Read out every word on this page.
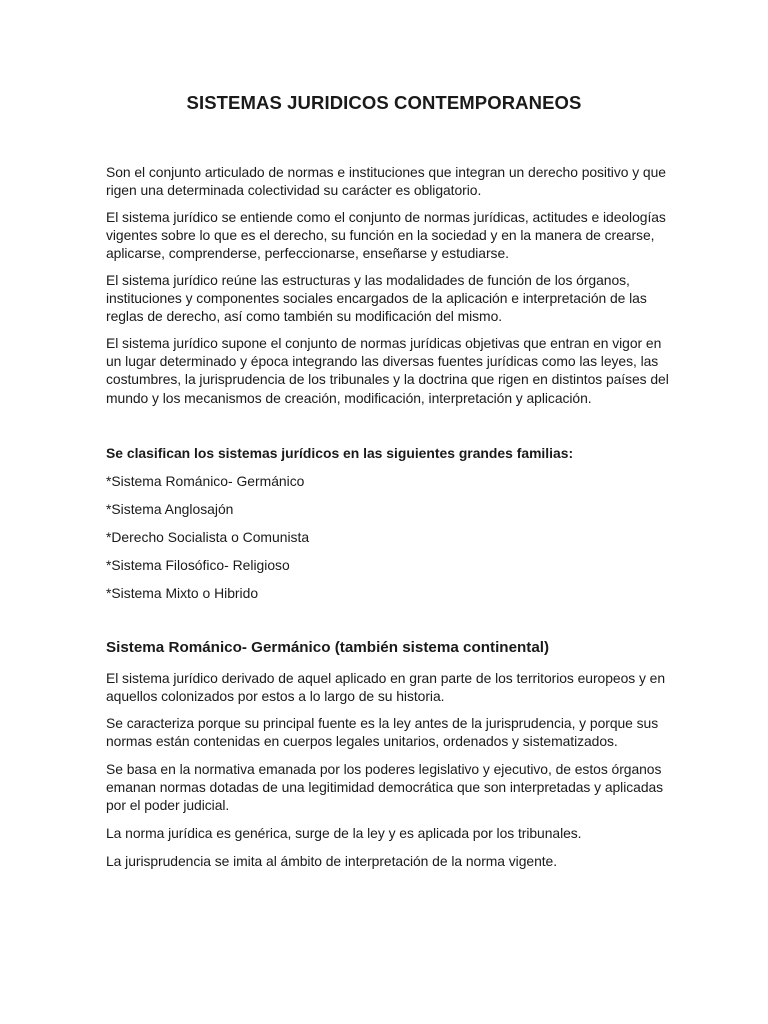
SISTEMAS JURIDICOS CONTEMPORANEOS

Son el conjunto articulado de normas e instituciones que integran un derecho positivo y que rigen una determinada colectividad su carácter es obligatorio.

El sistema jurídico se entiende como el conjunto de normas jurídicas, actitudes e ideologías vigentes sobre lo que es el derecho, su función en la sociedad y en la manera de crearse, aplicarse, comprenderse, perfeccionarse, enseñarse y estudiarse.

El sistema jurídico reúne las estructuras y las modalidades de función de los órganos, instituciones y componentes sociales encargados de la aplicación e interpretación de las reglas de derecho, así como también su modificación del mismo.

El sistema jurídico supone el conjunto de normas jurídicas objetivas que entran en vigor en un lugar determinado y época integrando las diversas fuentes jurídicas como las leyes, las costumbres, la jurisprudencia de los tribunales y la doctrina que rigen en distintos países del mundo y los mecanismos de creación, modificación, interpretación y aplicación.

Se clasifican los sistemas jurídicos en las siguientes grandes familias:

*Sistema Románico- Germánico

*Sistema Anglosajón

*Derecho Socialista o Comunista

*Sistema Filosófico- Religioso

*Sistema Mixto o Hibrido

Sistema Románico- Germánico (también sistema continental)

El sistema jurídico derivado de aquel aplicado en gran parte de los territorios europeos y en aquellos colonizados por estos a lo largo de su historia.

Se caracteriza porque su principal fuente es la ley antes de la jurisprudencia, y porque sus normas están contenidas en cuerpos legales unitarios, ordenados y sistematizados.

Se basa en la normativa emanada por los poderes legislativo y ejecutivo, de estos órganos emanan normas dotadas de una legitimidad democrática que son interpretadas y aplicadas por el poder judicial.

La norma jurídica es genérica, surge de la ley y es aplicada por los tribunales.

La jurisprudencia se imita al ámbito de interpretación de la norma vigente.
